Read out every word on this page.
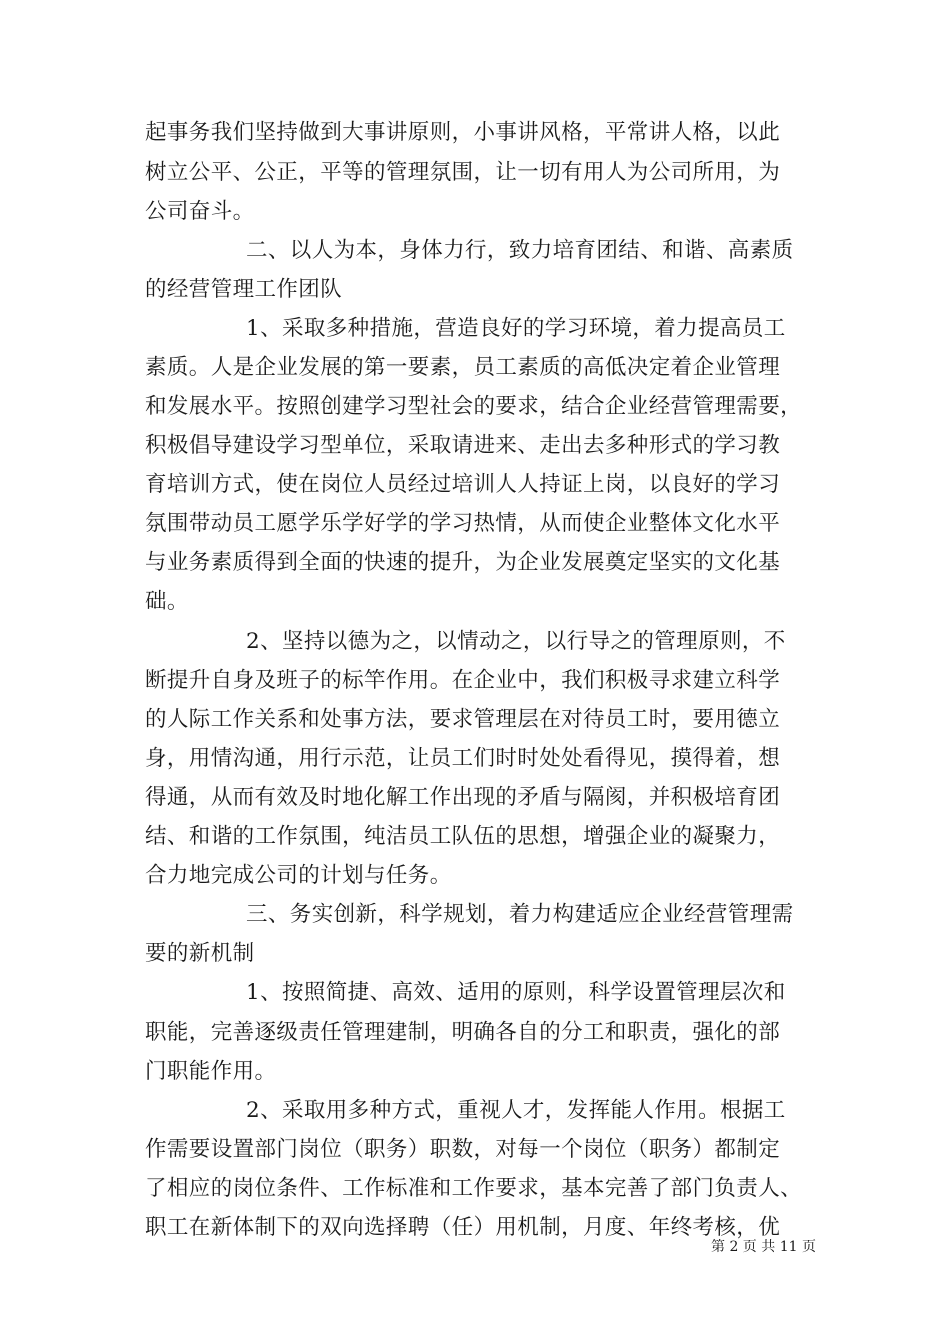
起事务我们坚持做到大事讲原则，小事讲风格，平常讲人格，以此
树立公平、公正，平等的管理氛围，让一切有用人为公司所用，为
公司奋斗。
二、以人为本，身体力行，致力培育团结、和谐、高素质
的经营管理工作团队
1、采取多种措施，营造良好的学习环境，着力提高员工
素质。人是企业发展的第一要素，员工素质的高低决定着企业管理
和发展水平。按照创建学习型社会的要求，结合企业经营管理需要，
积极倡导建设学习型单位，采取请进来、走出去多种形式的学习教
育培训方式，使在岗位人员经过培训人人持证上岗，以良好的学习
氛围带动员工愿学乐学好学的学习热情，从而使企业整体文化水平
与业务素质得到全面的快速的提升，为企业发展奠定坚实的文化基
础。
2、坚持以德为之，以情动之，以行导之的管理原则，不
断提升自身及班子的标竿作用。在企业中，我们积极寻求建立科学
的人际工作关系和处事方法，要求管理层在对待员工时，要用德立
身，用情沟通，用行示范，让员工们时时处处看得见，摸得着，想
得通，从而有效及时地化解工作出现的矛盾与隔阂，并积极培育团
结、和谐的工作氛围，纯洁员工队伍的思想，增强企业的凝聚力，
合力地完成公司的计划与任务。
三、务实创新，科学规划，着力构建适应企业经营管理需
要的新机制
1、按照简捷、高效、适用的原则，科学设置管理层次和
职能，完善逐级责任管理建制，明确各自的分工和职责，强化的部
门职能作用。
2、采取用多种方式，重视人才，发挥能人作用。根据工
作需要设置部门岗位（职务）职数，对每一个岗位（职务）都制定
了相应的岗位条件、工作标准和工作要求，基本完善了部门负责人、
职工在新体制下的双向选择聘（任）用机制，月度、年终考核，优
第 2 页 共 11 页
